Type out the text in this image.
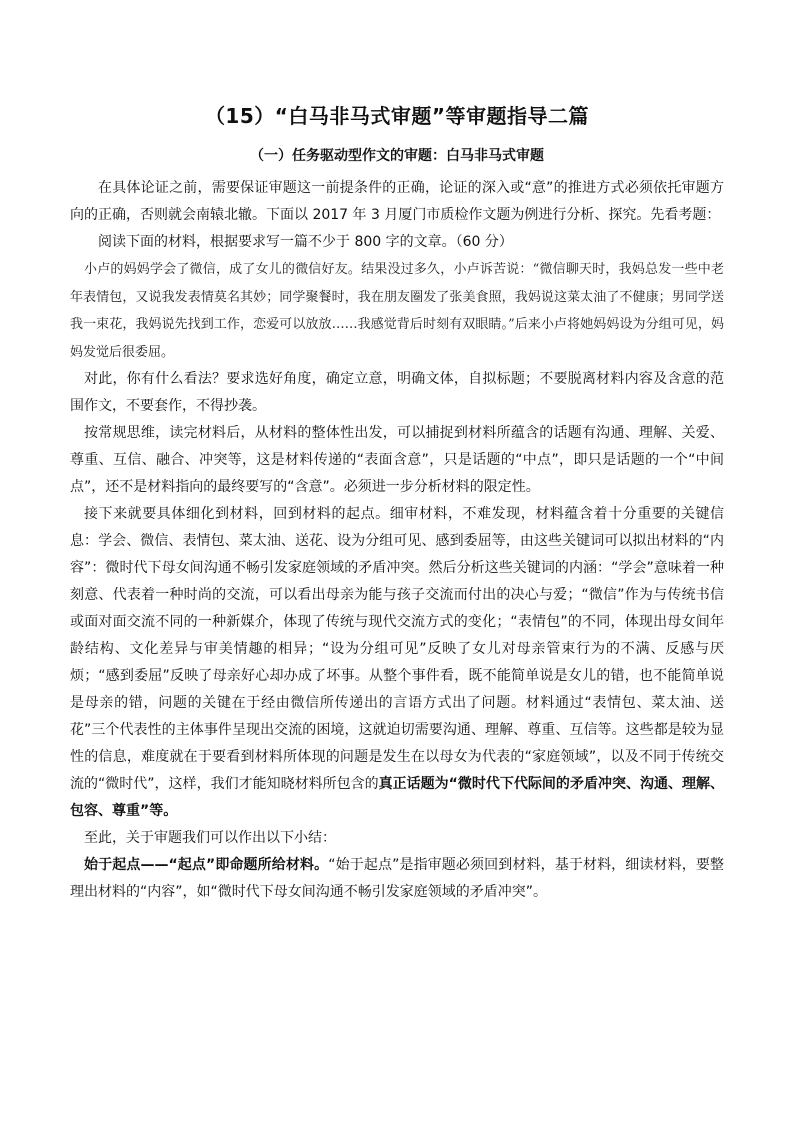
（15）“白马非马式审题”等审题指导二篇
（一）任务驱动型作文的审题：白马非马式审题

在具体论证之前，需要保证审题这一前提条件的正确，论证的深入或“意”的推进方式必须依托审题方向的正确，否则就会南辕北辙。下面以 2017 年 3 月厦门市质检作文题为例进行分析、探究。先看考题：

阅读下面的材料，根据要求写一篇不少于 800 字的文章。（60 分）

小卢的妈妈学会了微信，成了女儿的微信好友。结果没过多久，小卢诉苦说：“微信聊天时，我妈总发一些中老年表情包，又说我发表情莫名其妙；同学聚餐时，我在朋友圈发了张美食照，我妈说这菜太油了不健康；男同学送我一束花，我妈说先找到工作，恋爱可以放放……我感觉背后时刻有双眼睛。”后来小卢将她妈妈设为分组可见，妈妈发觉后很委屈。

对此，你有什么看法？要求选好角度，确定立意，明确文体，自拟标题；不要脱离材料内容及含意的范围作文，不要套作，不得抄袭。

按常规思维，读完材料后，从材料的整体性出发，可以捕捉到材料所蕴含的话题有沟通、理解、关爱、尊重、互信、融合、冲突等，这是材料传递的“表面含意”，只是话题的“中点”，即只是话题的一个“中间点”，还不是材料指向的最终要写的“含意”。必须进一步分析材料的限定性。

接下来就要具体细化到材料，回到材料的起点。细审材料，不难发现，材料蕴含着十分重要的关键信息：学会、微信、表情包、菜太油、送花、设为分组可见、感到委屈等，由这些关键词可以拟出材料的“内容”：微时代下母女间沟通不畅引发家庭领域的矛盾冲突。然后分析这些关键词的内涵：“学会”意味着一种刻意、代表着一种时尚的交流，可以看出母亲为能与孩子交流而付出的决心与爱；“微信”作为与传统书信或面对面交流不同的一种新媒介，体现了传统与现代交流方式的变化；“表情包”的不同，体现出母女间年龄结构、文化差异与审美情趣的相异；“设为分组可见”反映了女儿对母亲管束行为的不满、反感与厌烦；“感到委屈”反映了母亲好心却办成了坏事。从整个事件看，既不能简单说是女儿的错，也不能简单说是母亲的错，问题的关键在于经由微信所传递出的言语方式出了问题。材料通过“表情包、菜太油、送花”三个代表性的主体事件呈现出交流的困境，这就迫切需要沟通、理解、尊重、互信等。这些都是较为显性的信息，难度就在于要看到材料所体现的问题是发生在以母女为代表的“家庭领域”，以及不同于传统交流的“微时代”，这样，我们才能知晓材料所包含的真正话题为“微时代下代际间的矛盾冲突、沟通、理解、包容、尊重”等。

至此，关于审题我们可以作出以下小结：

始于起点——“起点”即命题所给材料。“始于起点”是指审题必须回到材料，基于材料，细读材料，要整理出材料的“内容”，如“微时代下母女间沟通不畅引发家庭领域的矛盾冲突”。
